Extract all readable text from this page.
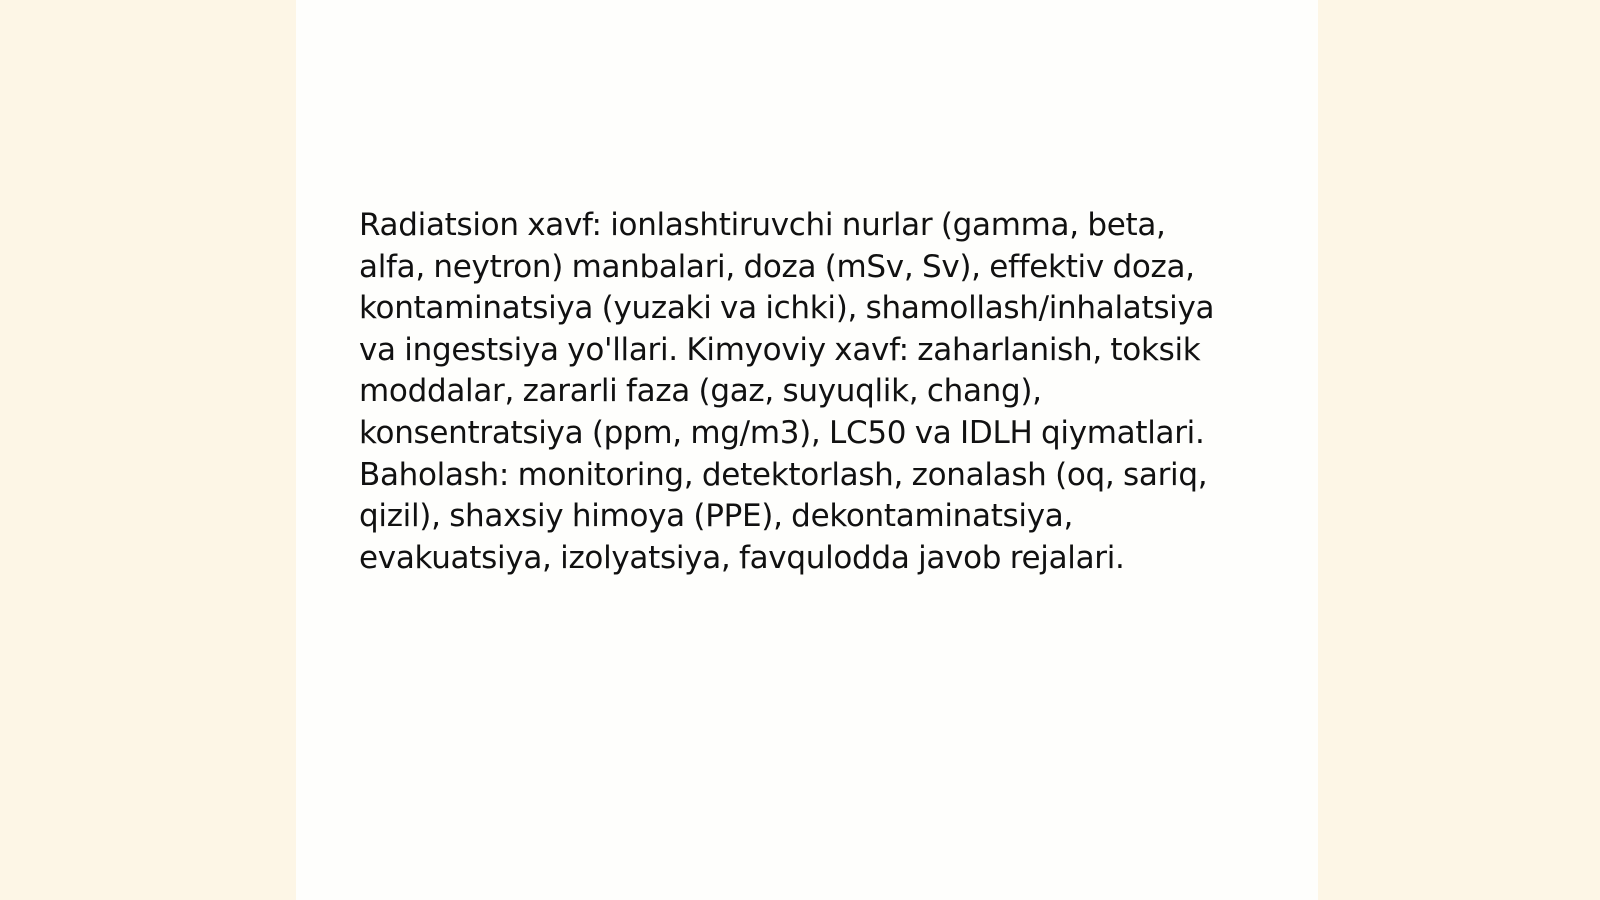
Radiatsion xavf: ionlashtiruvchi nurlar (gamma, beta, alfa, neytron) manbalari, doza (mSv, Sv), effektiv doza, kontaminatsiya (yuzaki va ichki), shamollash/inhalatsiya va ingestsiya yo'llari. Kimyoviy xavf: zaharlanish, toksik moddalar, zararli faza (gaz, suyuqlik, chang), konsentratsiya (ppm, mg/m3), LC50 va IDLH qiymatlari. Baholash: monitoring, detektorlash, zonalash (oq, sariq, qizil), shaxsiy himoya (PPE), dekontaminatsiya, evakuatsiya, izolyatsiya, favqulodda javob rejalari.
